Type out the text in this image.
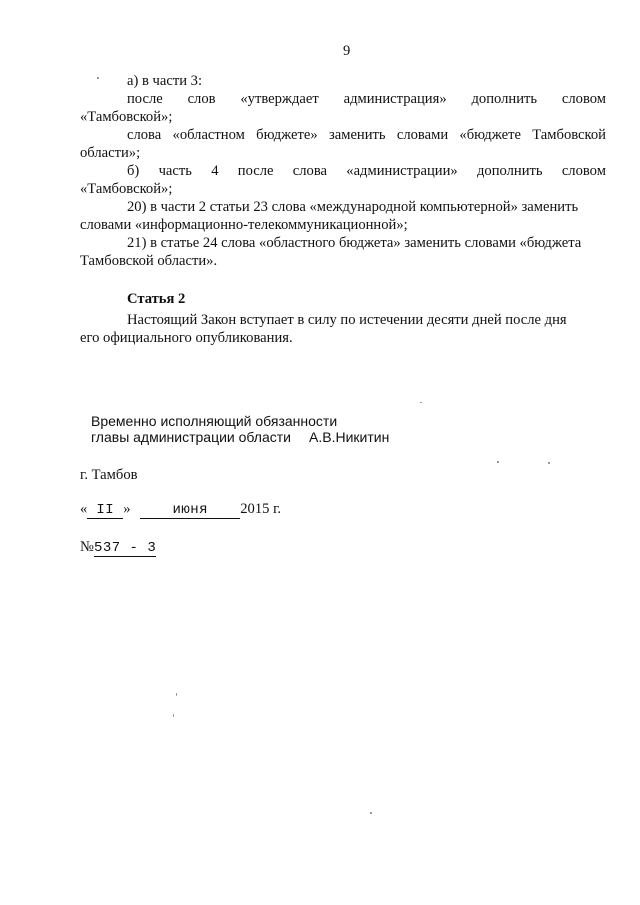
9
а) в части 3:
после слов «утверждает администрация» дополнить словом
«Тамбовской»;
слова «областном бюджете» заменить словами «бюджете Тамбовской
области»;
б) часть 4 после слова «администрации» дополнить словом
«Тамбовской»;
20) в части 2 статьи 23 слова «международной компьютерной» заменить
словами «информационно-телекоммуникационной»;
21) в статье 24 слова «областного бюджета» заменить словами «бюджета
Тамбовской области».
Статья 2
Настоящий Закон вступает в силу по истечении десяти дней после дня
его официального опубликования.
Временно исполняющий обязанности
главы администрации области А.В.Никитин
г. Тамбов
« II »	июня 2015 г.
№537 - 3
